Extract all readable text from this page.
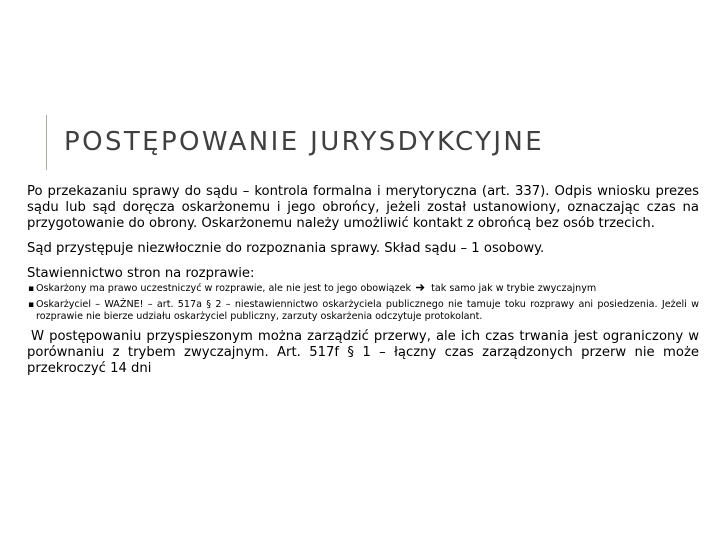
POSTĘPOWANIE JURYSDYKCYJNE

Po przekazaniu sprawy do sądu – kontrola formalna i merytoryczna (art. 337). Odpis wniosku prezes sądu lub sąd doręcza oskarżonemu i jego obrońcy, jeżeli został ustanowiony, oznaczając czas na przygotowanie do obrony. Oskarżonemu należy umożliwić kontakt z obrońcą bez osób trzecich.

Sąd przystępuje niezwłocznie do rozpoznania sprawy. Skład sądu – 1 osobowy.

Stawiennictwo stron na rozprawie:

▪ Oskarżony ma prawo uczestniczyć w rozprawie, ale nie jest to jego obowiązek tak samo jak w trybie zwyczajnym
▪ Oskarżyciel – WAŻNE! – art. 517a § 2 – niestawiennictwo oskarżyciela publicznego nie tamuje toku rozprawy ani posiedzenia. Jeżeli w rozprawie nie bierze udziału oskarżyciel publiczny, zarzuty oskarżenia odczytuje protokolant.

W postępowaniu przyspieszonym można zarządzić przerwy, ale ich czas trwania jest ograniczony w porównaniu z trybem zwyczajnym. Art. 517f § 1 – łączny czas zarządzonych przerw nie może przekroczyć 14 dni
